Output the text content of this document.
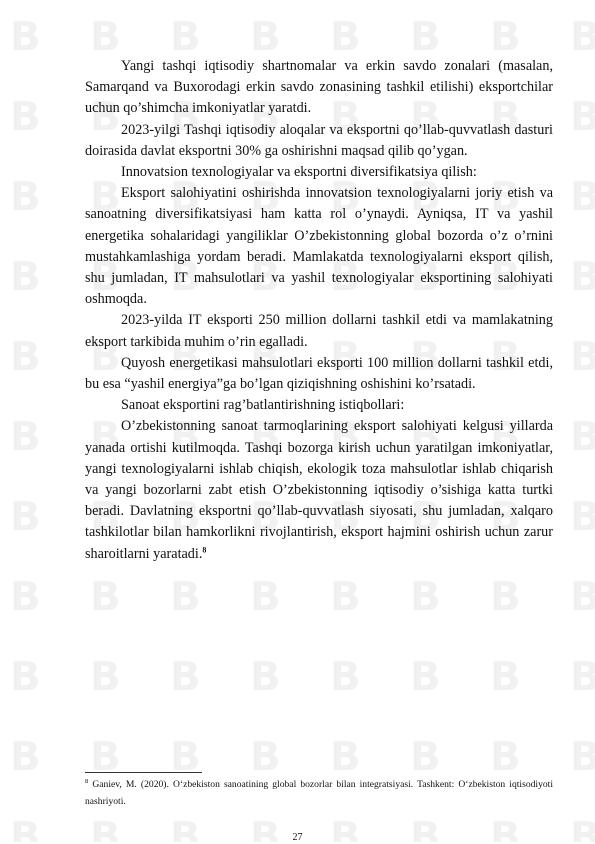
Yangi tashqi iqtisodiy shartnomalar va erkin savdo zonalari (masalan, Samarqand va Buxorodagi erkin savdo zonasining tashkil etilishi) eksportchilar uchun qo’shimcha imkoniyatlar yaratdi.

2023-yilgi Tashqi iqtisodiy aloqalar va eksportni qo’llab-quvvatlash dasturi doirasida davlat eksportni 30% ga oshirishni maqsad qilib qo’ygan.

Innovatsion texnologiyalar va eksportni diversifikatsiya qilish:

Eksport salohiyatini oshirishda innovatsion texnologiyalarni joriy etish va sanoatning diversifikatsiyasi ham katta rol o’ynaydi. Ayniqsa, IT va yashil energetika sohalaridagi yangiliklar O’zbekistonning global bozorda o’z o’rnini mustahkamlashiga yordam beradi. Mamlakatda texnologiyalarni eksport qilish, shu jumladan, IT mahsulotlari va yashil texnologiyalar eksportining salohiyati oshmoqda.

2023-yilda IT eksporti 250 million dollarni tashkil etdi va mamlakatning eksport tarkibida muhim o’rin egalladi.

Quyosh energetikasi mahsulotlari eksporti 100 million dollarni tashkil etdi, bu esa “yashil energiya”ga bo’lgan qiziqishning oshishini ko’rsatadi.

Sanoat eksportini rag’batlantirishning istiqbollari:

O’zbekistonning sanoat tarmoqlarining eksport salohiyati kelgusi yillarda yanada ortishi kutilmoqda. Tashqi bozorga kirish uchun yaratilgan imkoniyatlar, yangi texnologiyalarni ishlab chiqish, ekologik toza mahsulotlar ishlab chiqarish va yangi bozorlarni zabt etish O’zbekistonning iqtisodiy o’sishiga katta turtki beradi. Davlatning eksportni qo’llab-quvvatlash siyosati, shu jumladan, xalqaro tashkilotlar bilan hamkorlikni rivojlantirish, eksport hajmini oshirish uchun zarur sharoitlarni yaratadi.$^8$

$^8$ Ganiev, M. (2020). O‘zbekiston sanoatining global bozorlar bilan integratsiyasi. Tashkent: O‘zbekiston iqtisodiyoti nashriyoti.

27
